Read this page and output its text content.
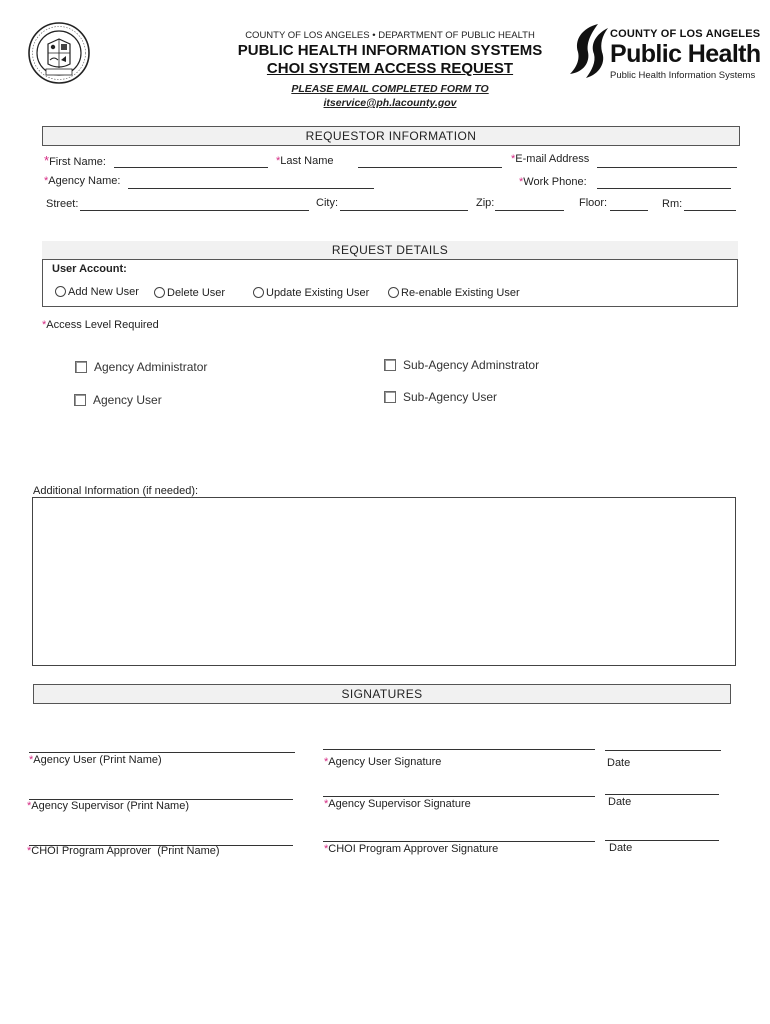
COUNTY OF LOS ANGELES • DEPARTMENT OF PUBLIC HEALTH
PUBLIC HEALTH INFORMATION SYSTEMS
CHOI SYSTEM ACCESS REQUEST
PLEASE EMAIL COMPLETED FORM TO
itservice@ph.lacounty.gov
COUNTY OF LOS ANGELES
Public Health
Public Health Information Systems
REQUESTOR INFORMATION
*First Name:	*Last Name	*E-mail Address
*Agency Name:	*Work Phone:
Street:	City:	Zip:	Floor:	Rm:
REQUEST DETAILS
User Account:
Add New User	Delete User	Update Existing User	Re-enable Existing User
*Access Level Required
Agency Administrator	Sub-Agency Adminstrator
Agency User	Sub-Agency User
Additional Information (if needed):
SIGNATURES
*Agency User (Print Name)	*Agency User Signature	Date
*Agency Supervisor (Print Name)	*Agency Supervisor Signature	Date
*CHOI Program Approver  (Print Name)	*CHOI Program Approver Signature	Date
